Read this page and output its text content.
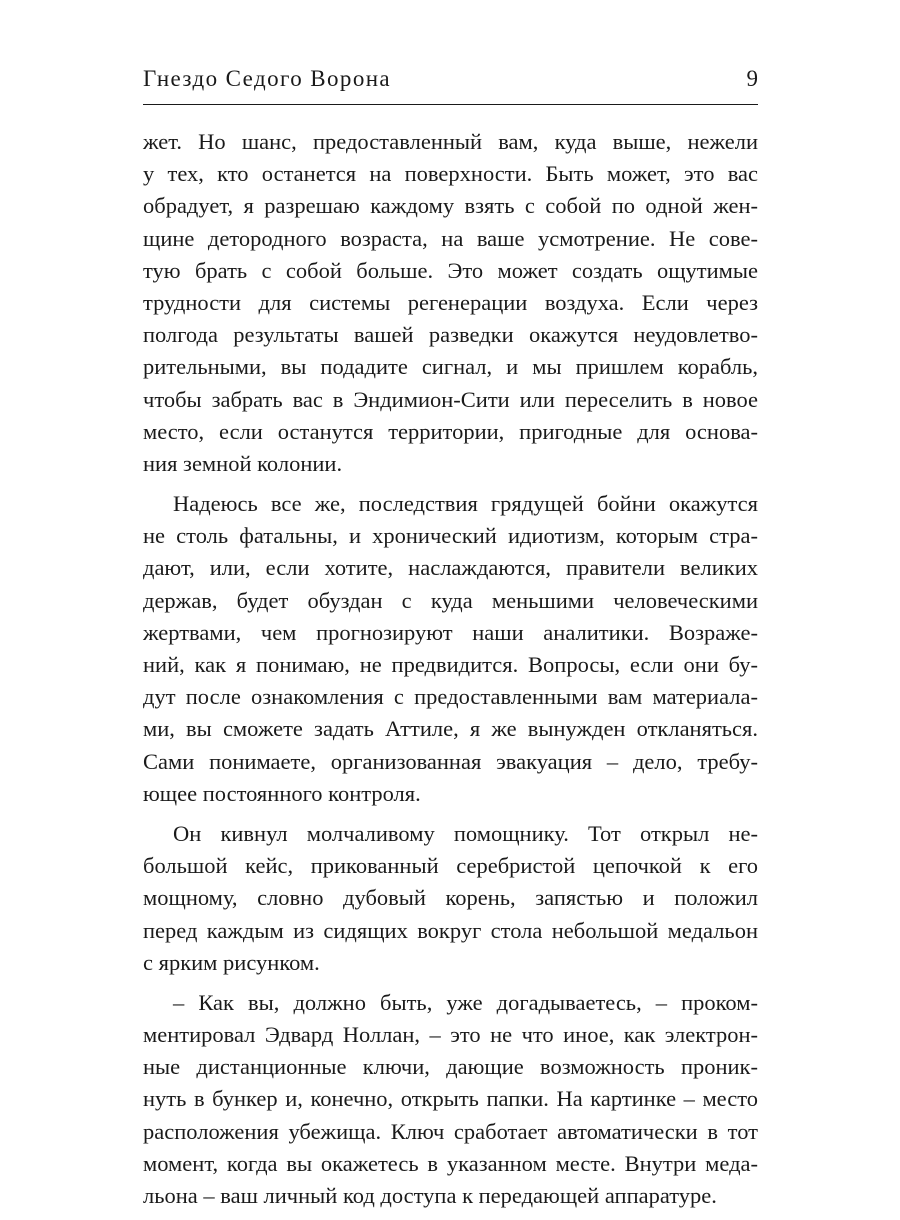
Гнездо Седого Ворона	9
жет. Но шанс, предоставленный вам, куда выше, нежели
у тех, кто останется на поверхности. Быть может, это вас
обрадует, я разрешаю каждому взять с собой по одной жен-
щине детородного возраста, на ваше усмотрение. Не сове-
тую брать с собой больше. Это может создать ощутимые
трудности для системы регенерации воздуха. Если через
полгода результаты вашей разведки окажутся неудовлетво-
рительными, вы подадите сигнал, и мы пришлем корабль,
чтобы забрать вас в Эндимион-Сити или переселить в новое
место, если останутся территории, пригодные для основа-
ния земной колонии.
Надеюсь все же, последствия грядущей бойни окажутся
не столь фатальны, и хронический идиотизм, которым стра-
дают, или, если хотите, наслаждаются, правители великих
держав, будет обуздан с куда меньшими человеческими
жертвами, чем прогнозируют наши аналитики. Возраже-
ний, как я понимаю, не предвидится. Вопросы, если они бу-
дут после ознакомления с предоставленными вам материала-
ми, вы сможете задать Аттиле, я же вынужден откланяться.
Сами понимаете, организованная эвакуация – дело, требу-
ющее постоянного контроля.
Он кивнул молчаливому помощнику. Тот открыл не-
большой кейс, прикованный серебристой цепочкой к его
мощному, словно дубовый корень, запястью и положил
перед каждым из сидящих вокруг стола небольшой медальон
с ярким рисунком.
– Как вы, должно быть, уже догадываетесь, – проком-
ментировал Эдвард Ноллан, – это не что иное, как электрон-
ные дистанционные ключи, дающие возможность проник-
нуть в бункер и, конечно, открыть папки. На картинке – место
расположения убежища. Ключ сработает автоматически в тот
момент, когда вы окажетесь в указанном месте. Внутри меда-
льона – ваш личный код доступа к передающей аппаратуре.
